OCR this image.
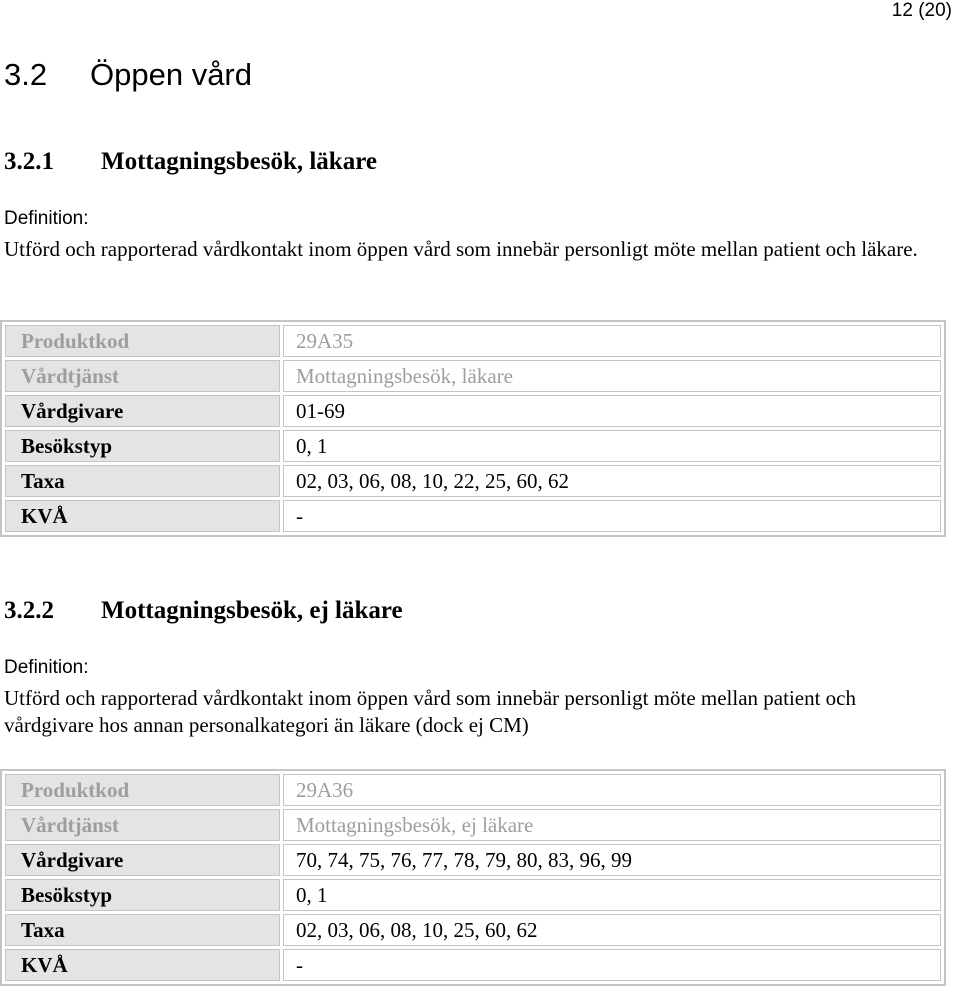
12 (20)
3.2 Öppen vård
3.2.1 Mottagningsbesök, läkare
Definition:
Utförd och rapporterad vårdkontakt inom öppen vård som innebär personligt möte mellan patient och läkare.
Produktkod	29A35
Vårdtjänst	Mottagningsbesök, läkare
Vårdgivare	01-69
Besökstyp	0, 1
Taxa	02, 03, 06, 08, 10, 22, 25, 60, 62
KVÅ	-
3.2.2 Mottagningsbesök, ej läkare
Definition:
Utförd och rapporterad vårdkontakt inom öppen vård som innebär personligt möte mellan patient och vårdgivare hos annan personalkategori än läkare (dock ej CM)
Produktkod	29A36
Vårdtjänst	Mottagningsbesök, ej läkare
Vårdgivare	70, 74, 75, 76, 77, 78, 79, 80, 83, 96, 99
Besökstyp	0, 1
Taxa	02, 03, 06, 08, 10, 25, 60, 62
KVÅ	-
